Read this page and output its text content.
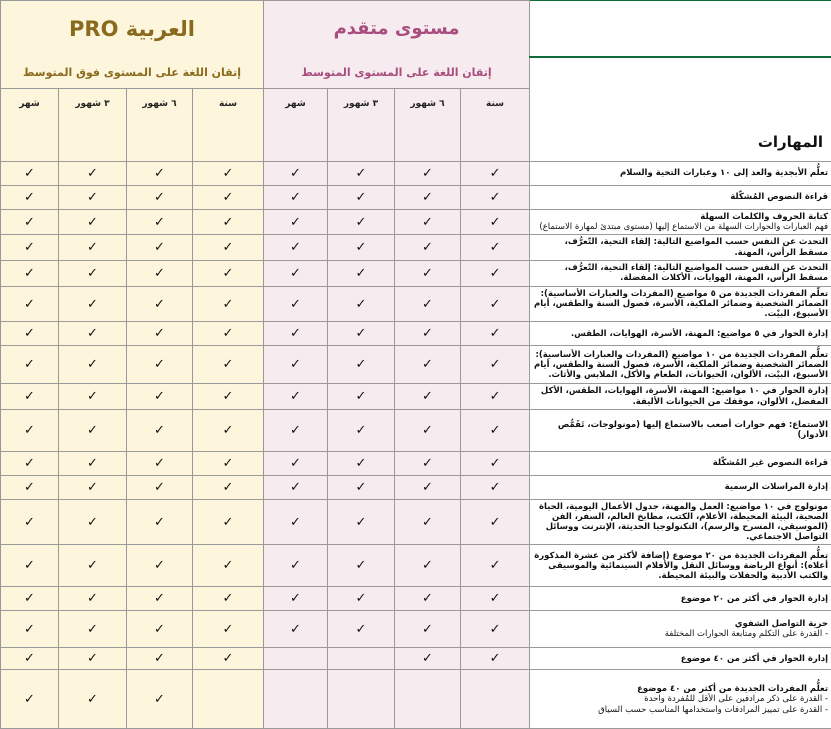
PRO العربية				مستوى متقدم				
إتقان اللغة على المستوى فوق المتوسط				إتقان اللغة على المستوى المتوسط				المهارات
شهر	٣ شهور	٦ شهور	سنة	شهر	٣ شهور	٦ شهور	سنة	
✓	✓	✓	✓	✓	✓	✓	✓	تعلُّم الأبجدية والعد إلى ١٠ وعبارات التحية والسلام

✓	✓	✓	✓	✓	✓	✓	✓	قراءة النصوص المُشكّلة

✓	✓	✓	✓	✓	✓	✓	✓	كتابة الحروف والكلمات السهلة
فهم العبارات والحوارات السهلة من الاستماع إليها (مستوى مبتدئ لمهارة الاستماع)

✓	✓	✓	✓	✓	✓	✓	✓	التحدث عن النفس حسب المواضيع التالية: إلقاء التحية، التّعرُّف، مسقط الرأس، المهنة.

✓	✓	✓	✓	✓	✓	✓	✓	التحدث عن النفس حسب المواضيع التالية: إلقاء التحية، التّعرُّف، مسقط الرأس، المهنة، الهوايات، الأكلات المفضلة.

✓	✓	✓	✓	✓	✓	✓	✓	تعلُّم المفردات الجديدة من ٥ مواضيع (المفردات والعبارات الأساسية): الضمائر الشخصية وضمائر الملكية، الأسرة، فصول السنة والطقس، أيام الأسبوع، البيْت.

✓	✓	✓	✓	✓	✓	✓	✓	إدارة الحوار في ٥ مواضيع: المهنة، الأسرة، الهوايات، الطقس.

✓	✓	✓	✓	✓	✓	✓	✓	تعلُّم المفردات الجديدة من ١٠ مواضيع (المفردات والعبارات الأساسية): الضمائر الشخصية وضمائر الملكية، الأسرة، فصول السنة والطقس، أيام الأسبوع، البيْت، الألوان، الحيوانات، الطعام والأكل، الملابس والأثاث.

✓	✓	✓	✓	✓	✓	✓	✓	إدارة الحوار في ١٠ مواضيع: المهنة، الأسرة، الهوايات، الطقس، الأكل المفضل، الألوان، موقفك من الحيوانات الأليفة.

✓	✓	✓	✓	✓	✓	✓	✓	الاستماع: فهم حوارات أصعب بالاستماع إليها (مونولوجات، تَقَمُّص الأدوار)

✓	✓	✓	✓	✓	✓	✓	✓	قراءة النصوص غير المُشكّلة

✓	✓	✓	✓	✓	✓	✓	✓	إدارة المراسلات الرسمية

✓	✓	✓	✓	✓	✓	✓	✓	مونولوج في ١٠ مواضيع: العمل والمهنة، جدول الأعمال اليومية، الحياة الصحية، البيئة المحيطة، الأعلام، الكتب، مطابخ العالم، السفر، الفن (الموسيقى، المسرح والرسم)، التكنولوجيا الحديثة، الإنترنت ووسائل التواصل الاجتماعي.

✓	✓	✓	✓	✓	✓	✓	✓	تعلُّم المفردات الجديدة من ٢٠ موضوع (إضافة لأكثر من عشرة المذكورة أعلاه): أنواع الرياضة ووسائل النقل والأفلام السينمائية والموسيقى والكتب الأدبية والحفلات والبيئة المحيطة.

✓	✓	✓	✓	✓	✓	✓	✓	إدارة الحوار في أكثر من ٢٠ موضوع

✓	✓	✓	✓	✓	✓	✓	✓	حرية التواصل الشفوي
- القدرة على التكلم ومتابعة الحوارات المختلفة

✓	✓	✓	✓			✓	✓	إدارة الحوار في أكثر من ٤٠ موضوع

✓	✓	✓						تعلُّم المفردات الجديدة من أكثر من ٤٠ موضوع
- القدرة على ذكر مرادفين على الأقل للمُفردة واحدة
- القدرة على تمييز المرادفات واستخدامها المناسب حسب السياق
